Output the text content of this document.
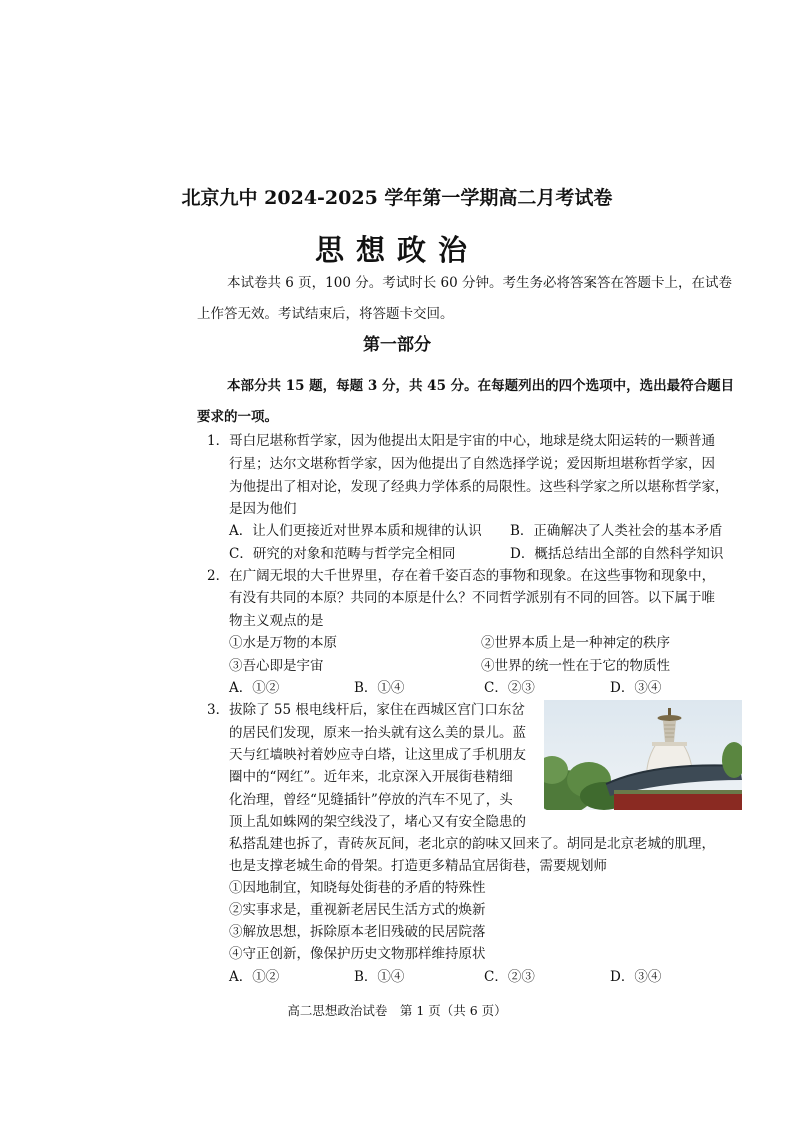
北京九中 2024-2025 学年第一学期高二月考试卷
思想政治
本试卷共 6 页，100 分。考试时长 60 分钟。考生务必将答案答在答题卡上，在试卷
上作答无效。考试结束后，将答题卡交回。
第一部分
本部分共 15 题，每题 3 分，共 45 分。在每题列出的四个选项中，选出最符合题目
要求的一项。
1．哥白尼堪称哲学家，因为他提出太阳是宇宙的中心，地球是绕太阳运转的一颗普通
行星；达尔文堪称哲学家，因为他提出了自然选择学说；爱因斯坦堪称哲学家，因
为他提出了相对论，发现了经典力学体系的局限性。这些科学家之所以堪称哲学家，
是因为他们
A．让人们更接近对世界本质和规律的认识 B．正确解决了人类社会的基本矛盾
C．研究的对象和范畴与哲学完全相同	D．概括总结出全部的自然科学知识
2．在广阔无垠的大千世界里，存在着千姿百态的事物和现象。在这些事物和现象中，
有没有共同的本原？共同的本原是什么？不同哲学派别有不同的回答。以下属于唯
物主义观点的是
①水是万物的本原	②世界本质上是一种神定的秩序
③吾心即是宇宙	④世界的统一性在于它的物质性
A．①②	B．①④	C．②③	D．③④
3．拔除了 55 根电线杆后，家住在西城区宫门口东岔
的居民们发现，原来一抬头就有这么美的景儿。蓝
天与红墙映衬着妙应寺白塔，让这里成了手机朋友
圈中的“网红”。近年来，北京深入开展街巷精细
化治理，曾经“见缝插针”停放的汽车不见了，头
顶上乱如蛛网的架空线没了，堵心又有安全隐患的
私搭乱建也拆了，青砖灰瓦间，老北京的韵味又回来了。胡同是北京老城的肌理，
也是支撑老城生命的骨架。打造更多精品宜居街巷，需要规划师
①因地制宜，知晓每处街巷的矛盾的特殊性
②实事求是，重视新老居民生活方式的焕新
③解放思想，拆除原本老旧残破的民居院落
④守正创新，像保护历史文物那样维持原状
A．①②	B．①④	C．②③	D．③④
高二思想政治试卷　第 1 页（共 6 页）
